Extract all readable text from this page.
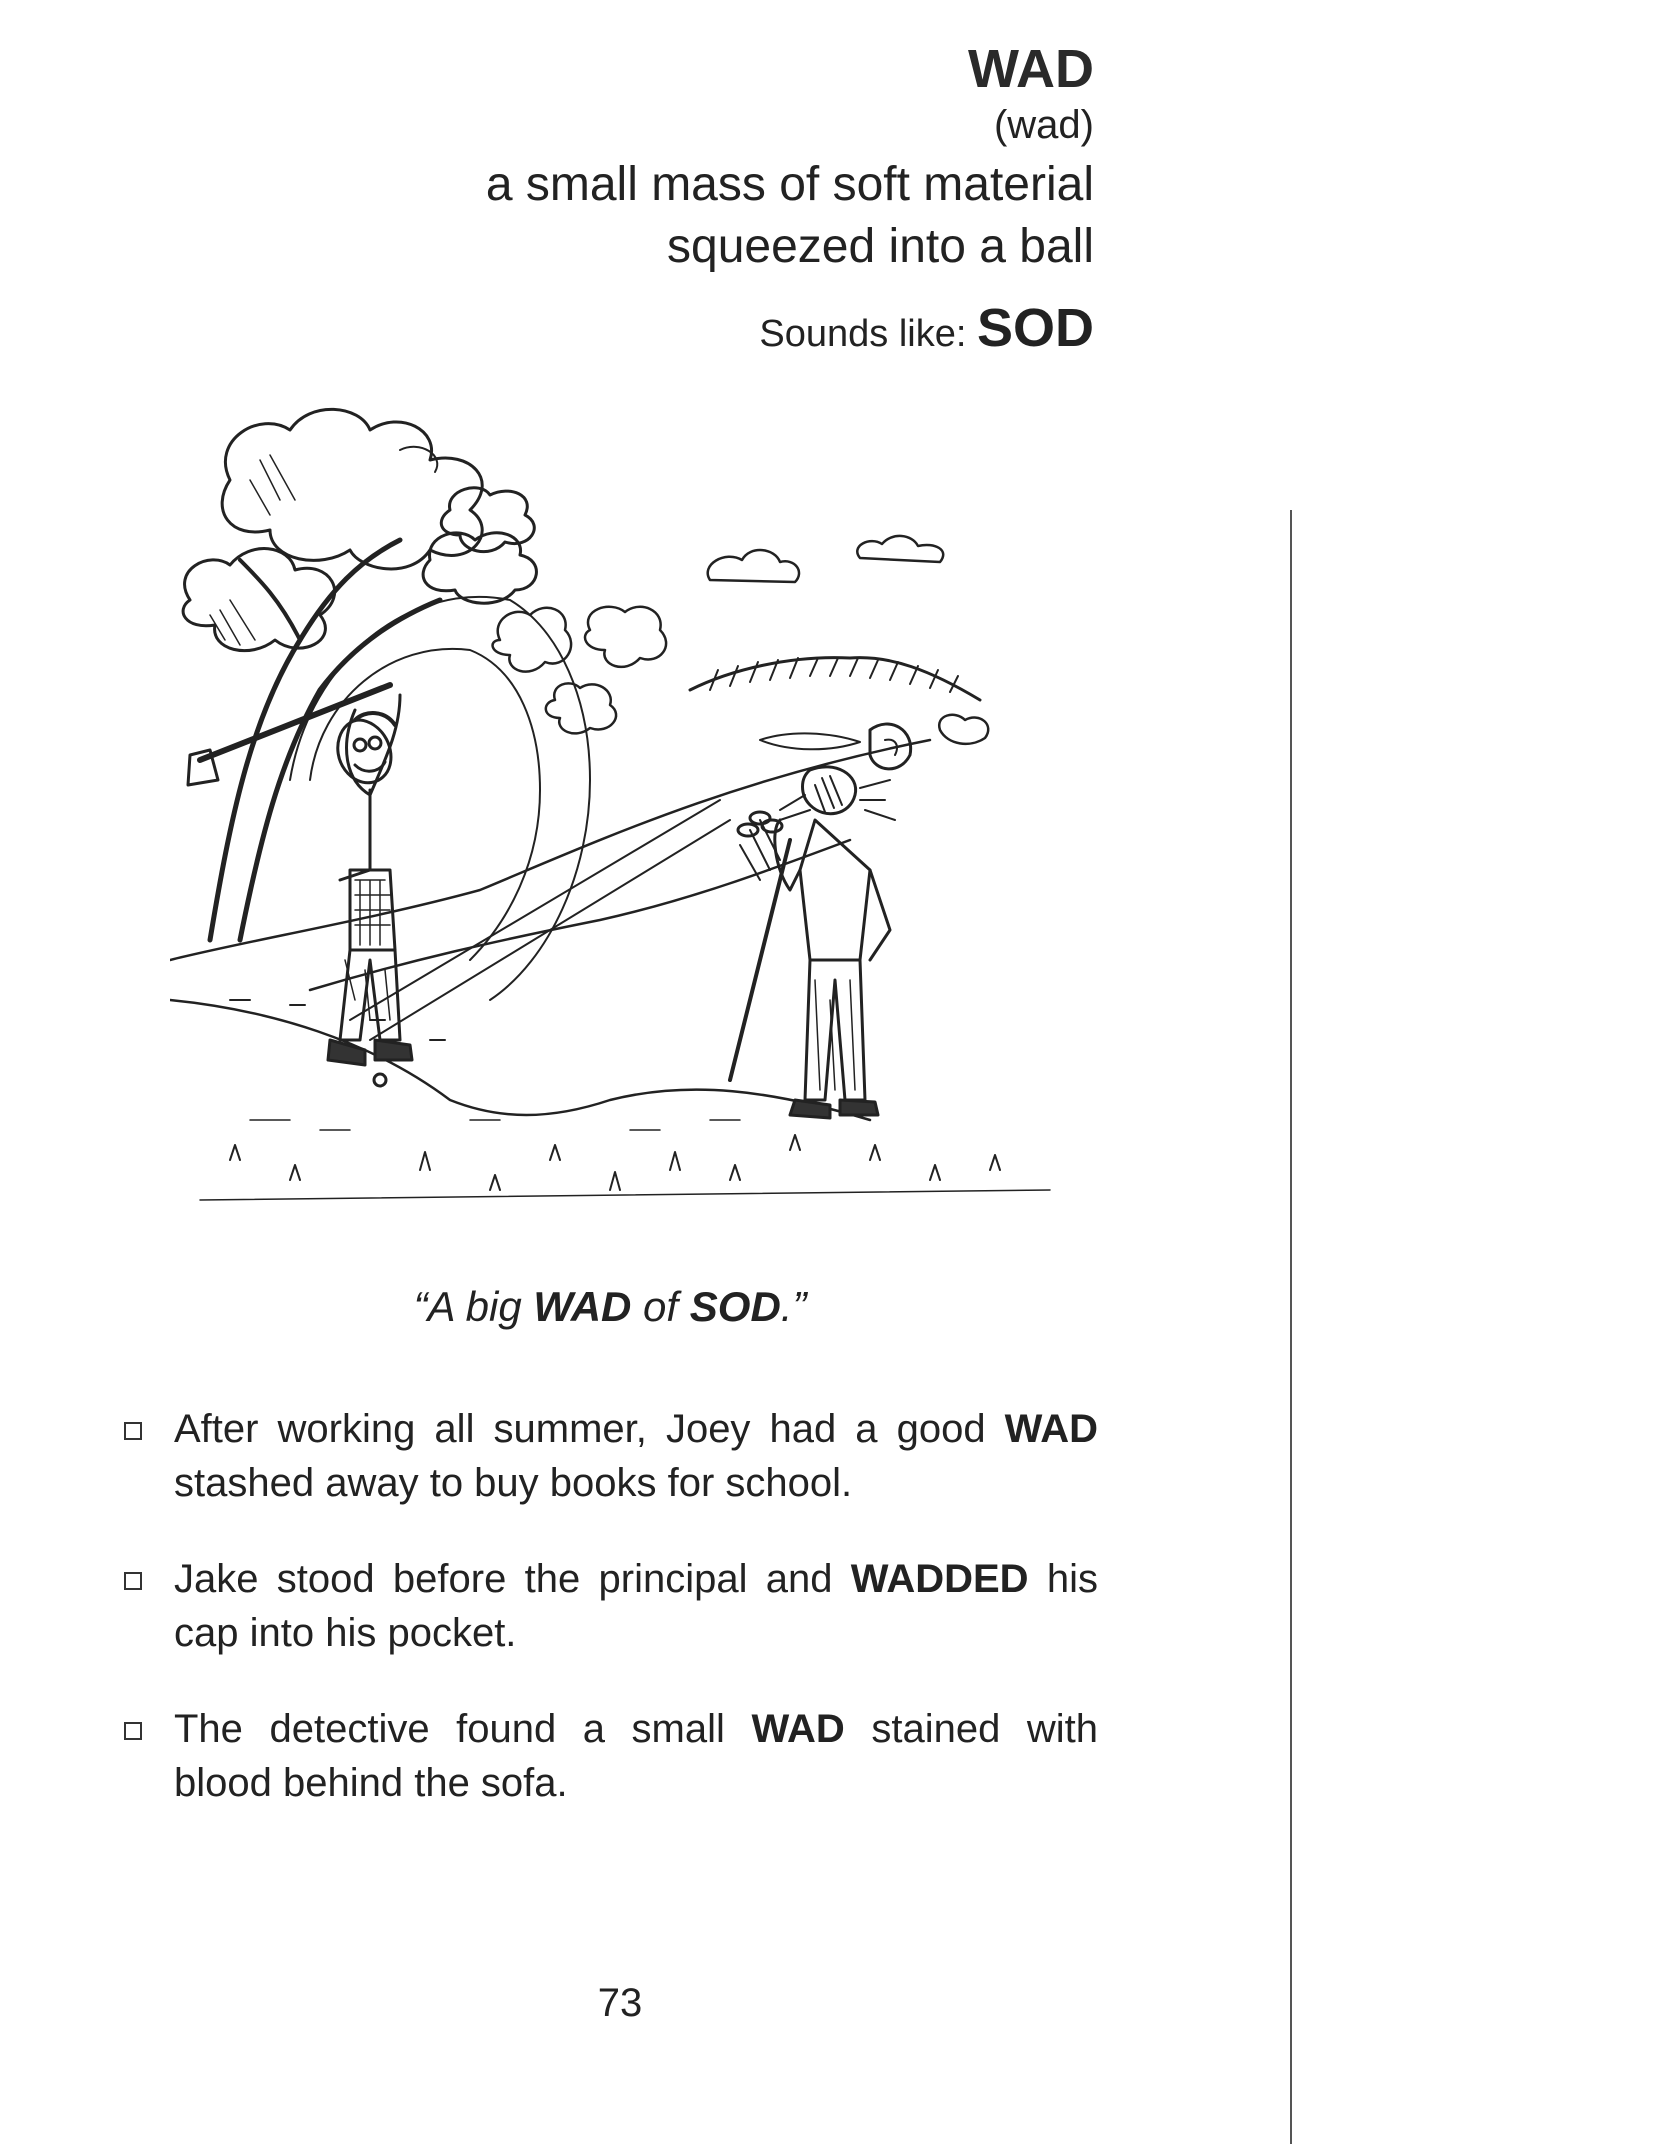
WAD
(wad)
a small mass of soft material
squeezed into a ball
Sounds like: SOD
“A big WAD of SOD.”
After working all summer, Joey had a good WAD stashed away to buy books for school.
Jake stood before the principal and WADDED his cap into his pocket.
The detective found a small WAD stained with blood behind the sofa.
73
